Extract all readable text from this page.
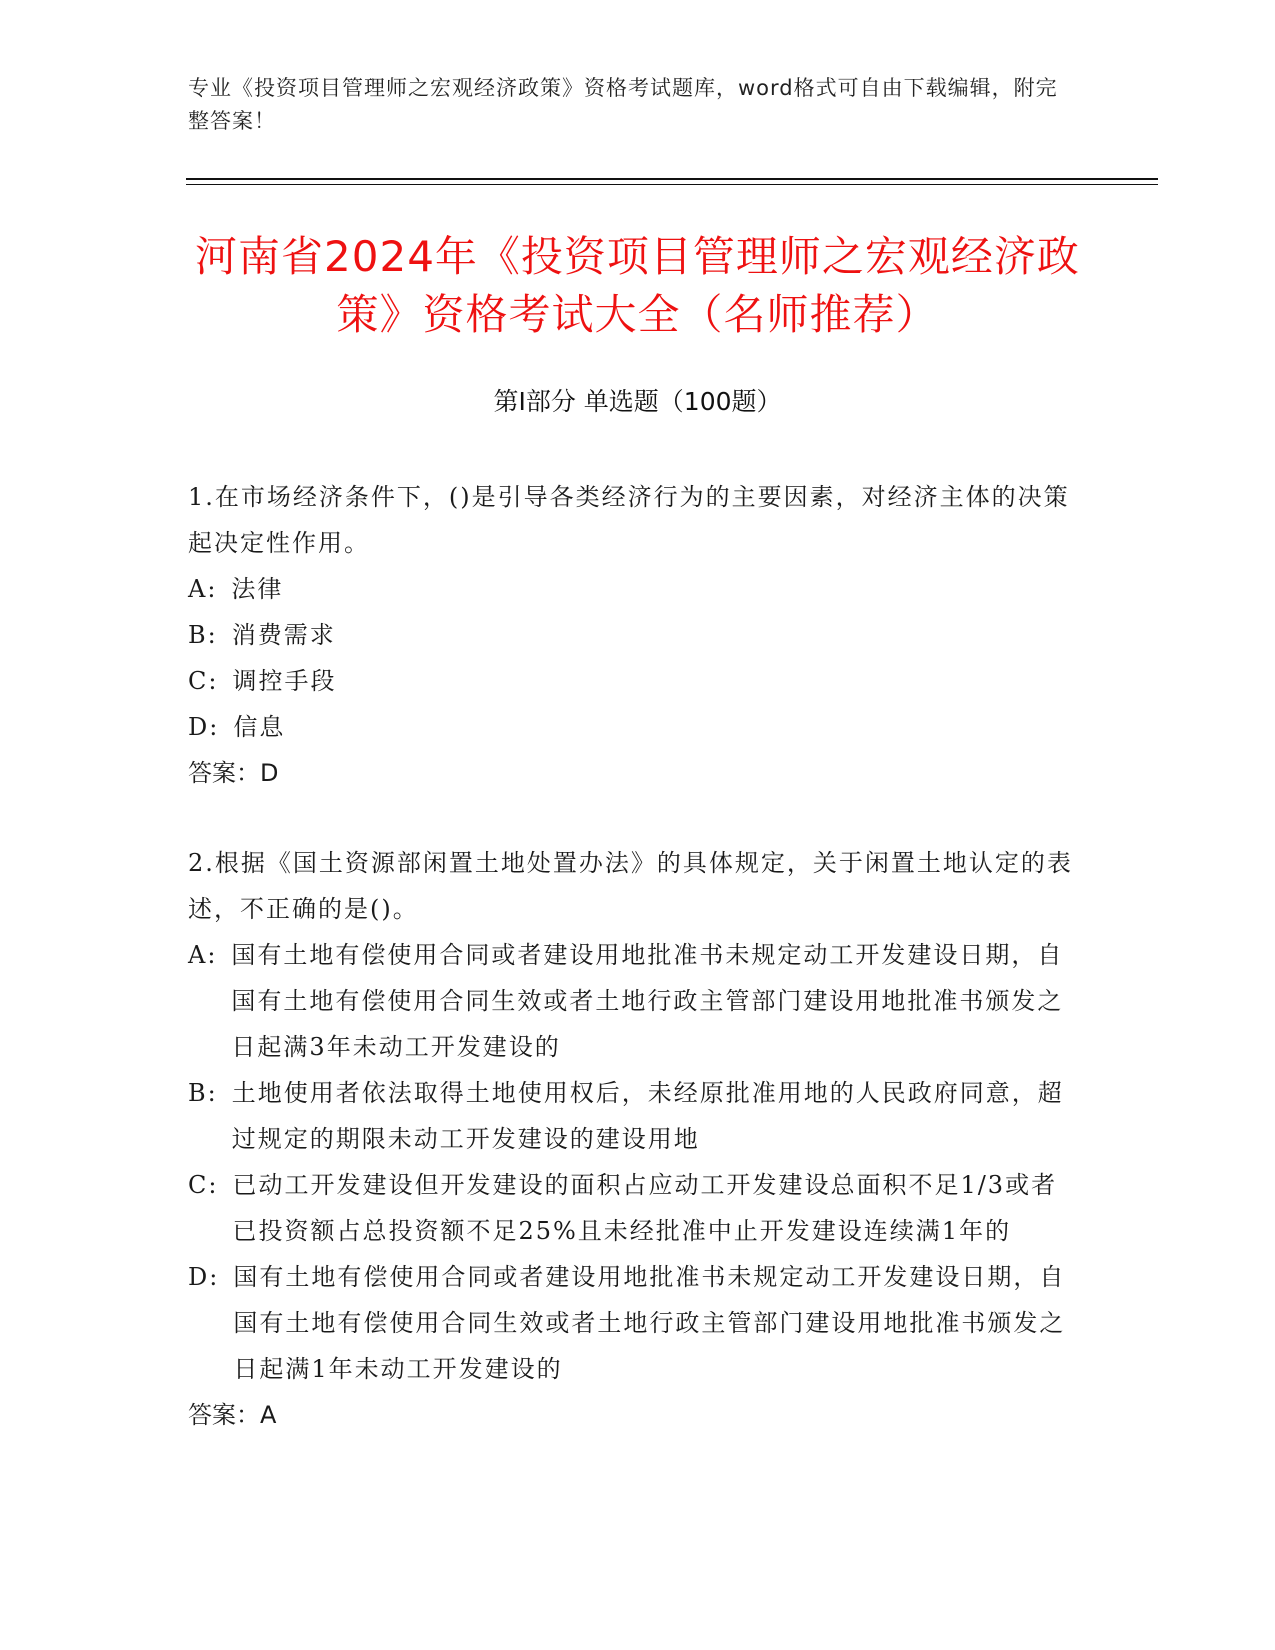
专业《投资项目管理师之宏观经济政策》资格考试题库，word格式可自由下载编辑，附完整答案！
河南省2024年《投资项目管理师之宏观经济政策》资格考试大全（名师推荐）
第Ⅰ部分 单选题（100题）

1.在市场经济条件下，()是引导各类经济行为的主要因素，对经济主体的决策起决定性作用。

A: 法律
B: 消费需求
C: 调控手段
D: 信息

答案：D

2.根据《国土资源部闲置土地处置办法》的具体规定，关于闲置土地认定的表述，不正确的是()。

A: 国有土地有偿使用合同或者建设用地批准书未规定动工开发建设日期，自国有土地有偿使用合同生效或者土地行政主管部门建设用地批准书颁发之日起满3年未动工开发建设的
B: 土地使用者依法取得土地使用权后，未经原批准用地的人民政府同意，超过规定的期限未动工开发建设的建设用地
C: 已动工开发建设但开发建设的面积占应动工开发建设总面积不足1/3或者已投资额占总投资额不足25%且未经批准中止开发建设连续满1年的
D: 国有土地有偿使用合同或者建设用地批准书未规定动工开发建设日期，自国有土地有偿使用合同生效或者土地行政主管部门建设用地批准书颁发之日起满1年未动工开发建设的

答案：A
